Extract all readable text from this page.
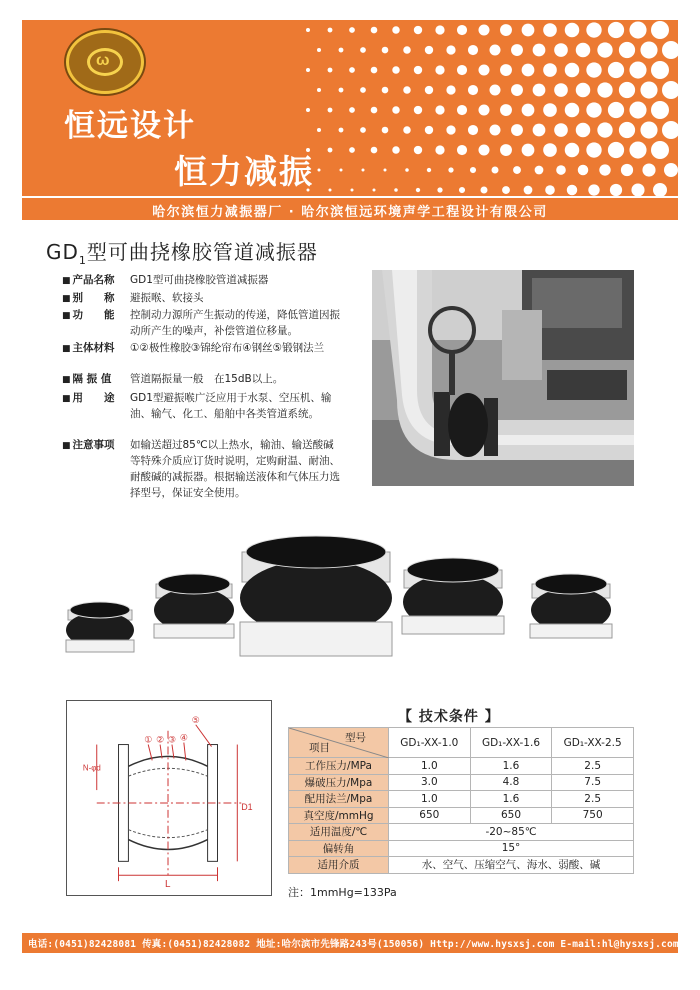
ω
恒远设计
恒力减振
哈尔滨恒力减振器厂 · 哈尔滨恒远环境声学工程设计有限公司
$GD_1$型可曲挠橡胶管道减振器
■ 产品名称	GD1型可曲挠橡胶管道减振器
■ 别　　称	避振喉、软接头
■ 功　　能	控制动力源所产生振动的传递，降低管道因振动所产生的噪声，补偿管道位移量。
■ 主体材料	①②极性橡胶③锦纶帘布④钢丝⑤锻钢法兰
■ 隔 振 值	管道隔振量一般　在15dB以上。
■ 用　　途	GD1型避振喉广泛应用于水泵、空压机、输油、输气、化工、船舶中各类管道系统。
■ 注意事项	如输送超过85℃以上热水，输油、输送酸碱等特殊介质应订货时说明，定购耐温、耐油、耐酸碱的减振器。根据输送液体和气体压力选择型号，保证安全使用。
L
D1
N-φd
① ② ③ ④
⑤	【 技术条件 】
型号
项目	GD₁-XX-1.0	GD₁-XX-1.6	GD₁-XX-2.5
工作压力/MPa	1.0	1.6	2.5
爆破压力/Mpa	3.0	4.8	7.5
配用法兰/Mpa	1.0	1.6	2.5
真空度/mmHg	650	650	750
适用温度/℃	-20~85℃		
偏转角	15°		
适用介质	水、空气、压缩空气、海水、弱酸、碱		
注：1mmHg=133Pa
电话:(0451)82428081 传真:(0451)82428082 地址:哈尔滨市先锋路243号(150056) Http://www.hysxsj.com E-mail:hl@hysxsj.com
